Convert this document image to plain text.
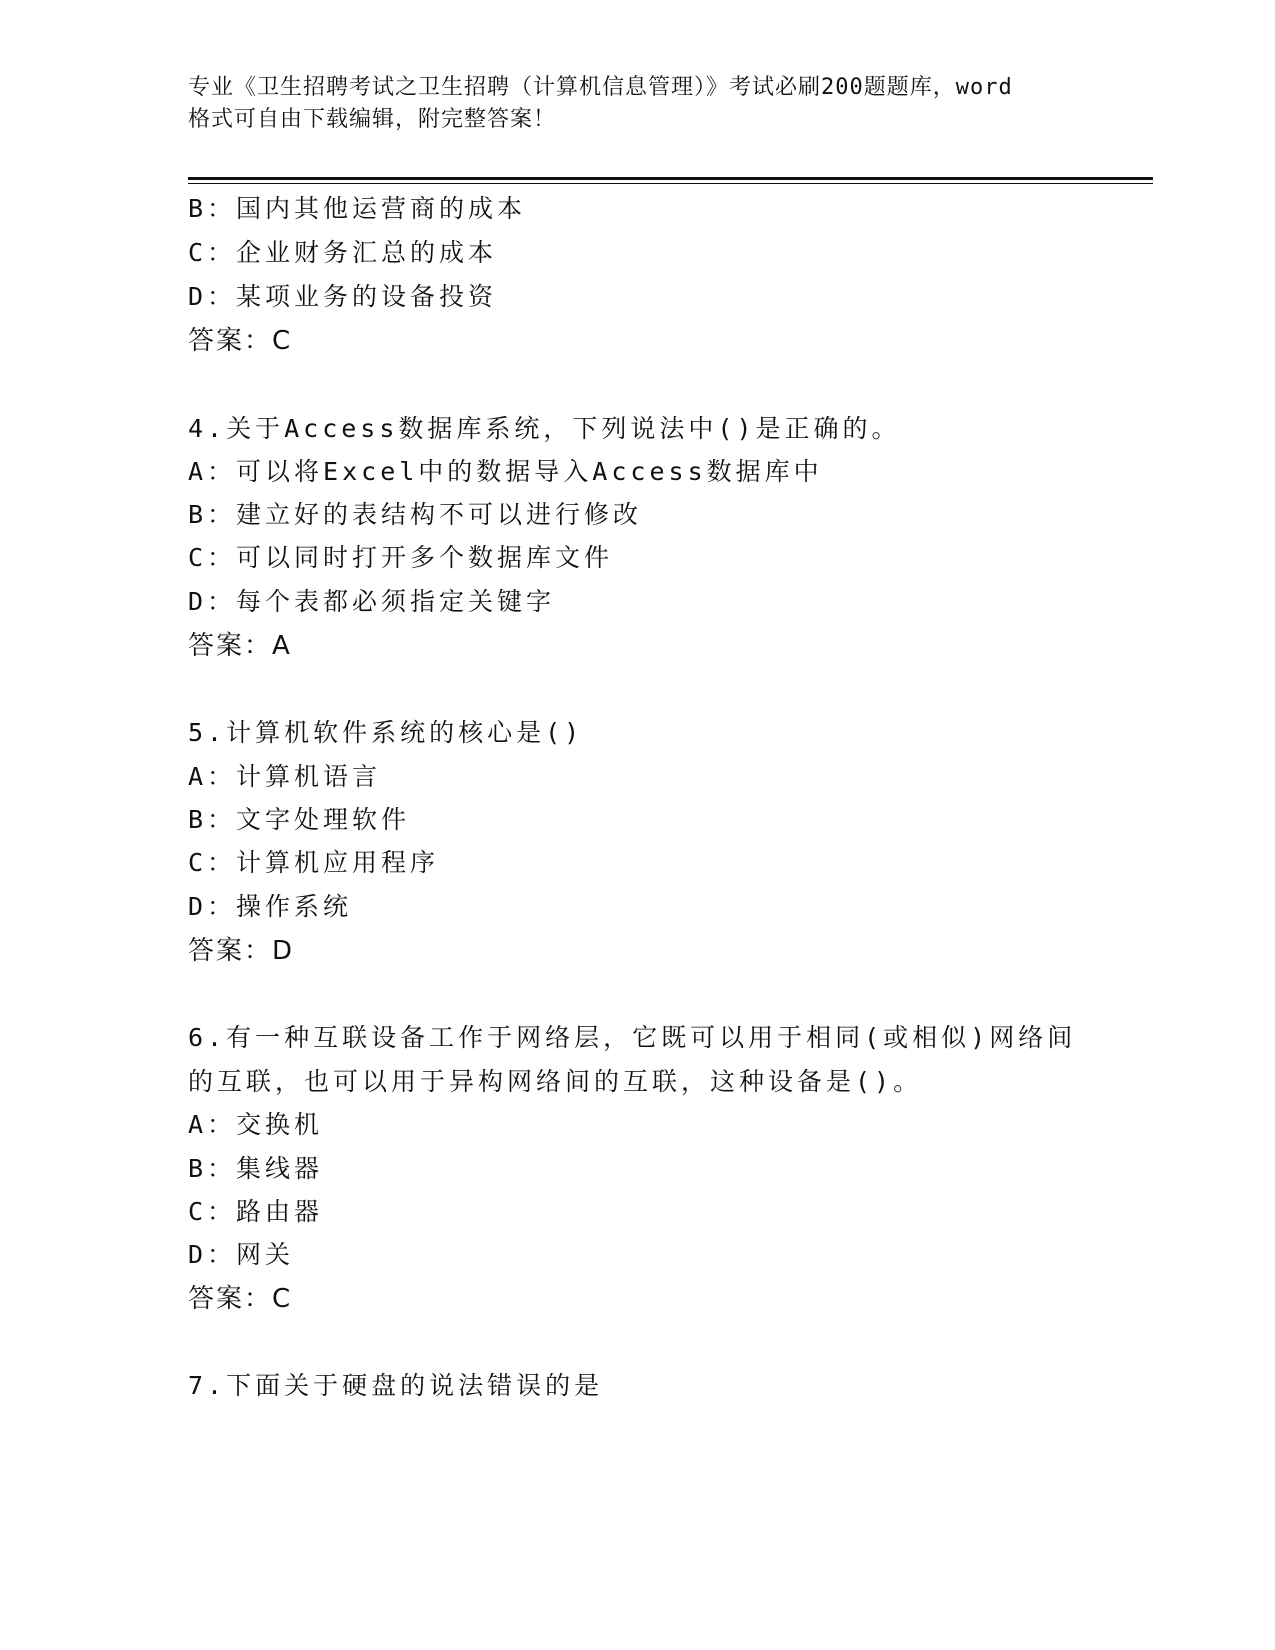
专业《卫生招聘考试之卫生招聘（计算机信息管理）》考试必刷200题题库，word
格式可自由下载编辑，附完整答案！
B：国内其他运营商的成本
C：企业财务汇总的成本
D：某项业务的设备投资
答案：C
4.关于Access数据库系统，下列说法中()是正确的。
A：可以将Excel中的数据导入Access数据库中
B：建立好的表结构不可以进行修改
C：可以同时打开多个数据库文件
D：每个表都必须指定关键字
答案：A
5.计算机软件系统的核心是()
A：计算机语言
B：文字处理软件
C：计算机应用程序
D：操作系统
答案：D
6.有一种互联设备工作于网络层，它既可以用于相同(或相似)网络间
的互联，也可以用于异构网络间的互联，这种设备是()。
A：交换机
B：集线器
C：路由器
D：网关
答案：C
7.下面关于硬盘的说法错误的是
